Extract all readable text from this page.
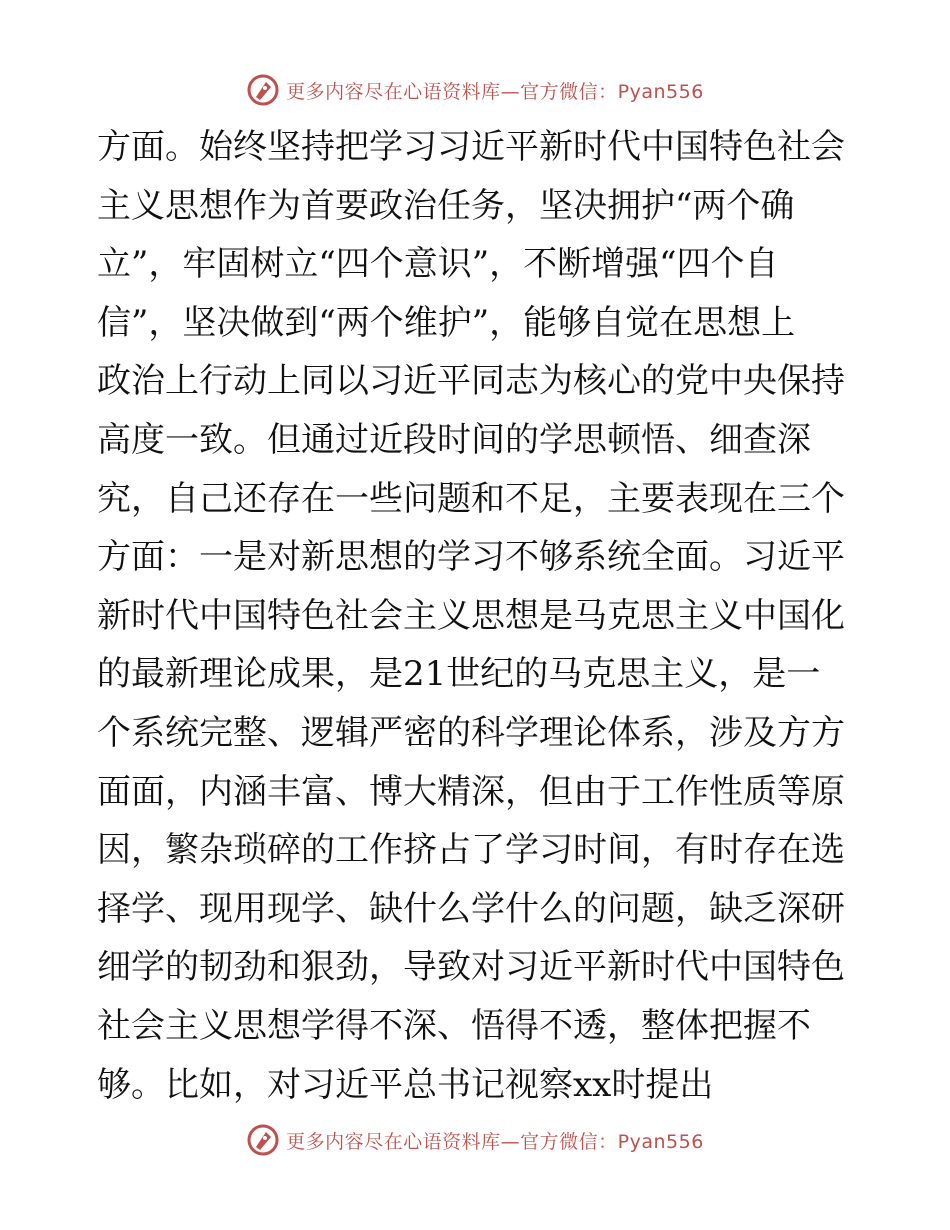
更多内容尽在心语资料库—官方微信：Pyan556
方面。始终坚持把学习习近平新时代中国特色社会
主义思想作为首要政治任务，坚决拥护“两个确
立”，牢固树立“四个意识”，不断增强“四个自
信”，坚决做到“两个维护”，能够自觉在思想上
政治上行动上同以习近平同志为核心的党中央保持
高度一致。但通过近段时间的学思顿悟、细查深
究，自己还存在一些问题和不足，主要表现在三个
方面：一是对新思想的学习不够系统全面。习近平
新时代中国特色社会主义思想是马克思主义中国化
的最新理论成果，是21世纪的马克思主义，是一
个系统完整、逻辑严密的科学理论体系，涉及方方
面面，内涵丰富、博大精深，但由于工作性质等原
因，繁杂琐碎的工作挤占了学习时间，有时存在选
择学、现用现学、缺什么学什么的问题，缺乏深研
细学的韧劲和狠劲，导致对习近平新时代中国特色
社会主义思想学得不深、悟得不透，整体把握不
够。比如，对习近平总书记视察xx时提出
更多内容尽在心语资料库—官方微信：Pyan556
